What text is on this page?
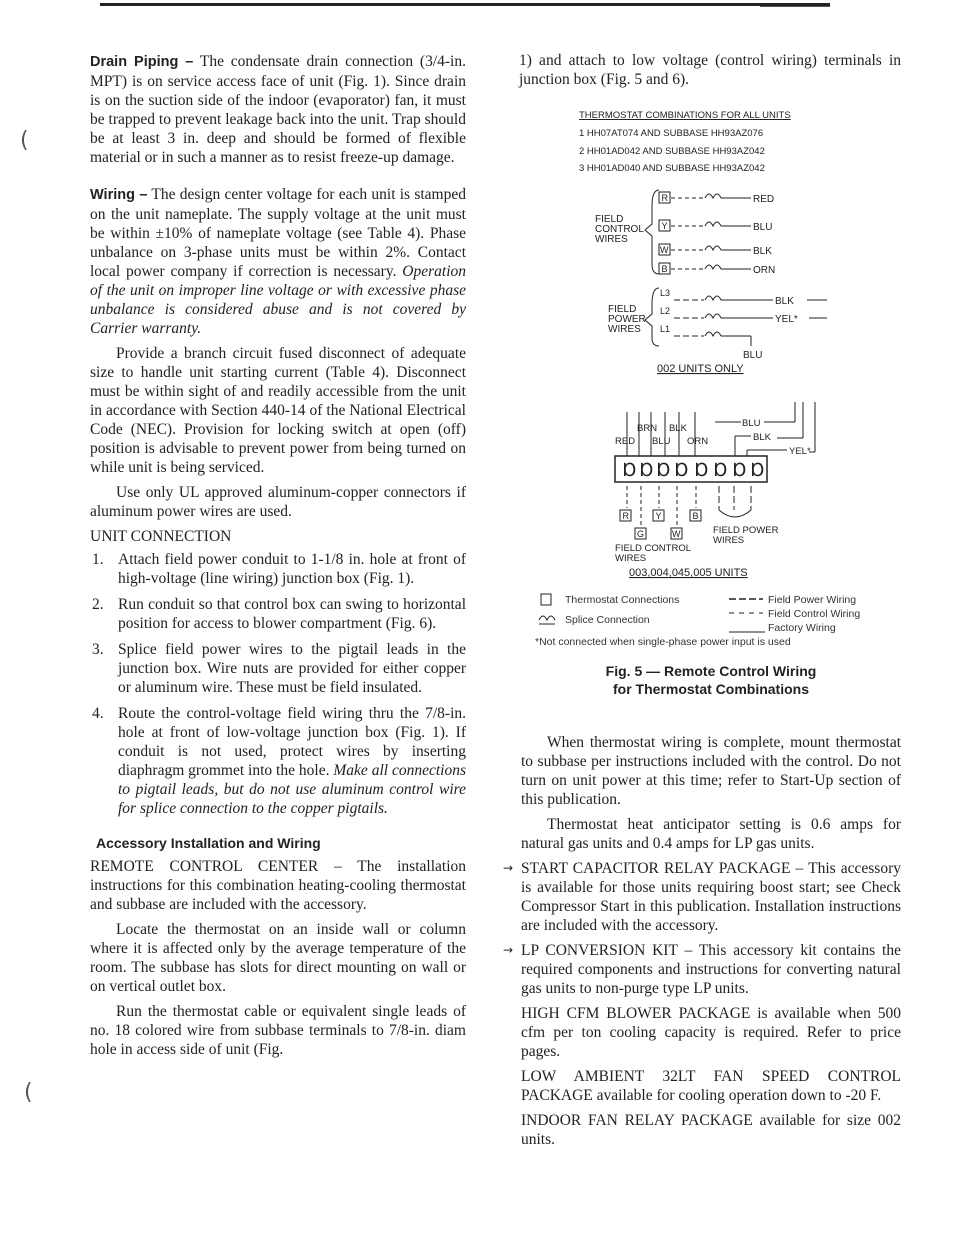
(
(

Drain Piping – The condensate drain connection (3/4-in. MPT) is on service access face of unit (Fig. 1). Since drain is on the suction side of the indoor (evaporator) fan, it must be trapped to prevent leakage back into the unit. Trap should be at least 3 in. deep and should be formed of flexible material or in such a manner as to resist freeze-up damage.

Wiring – The design center voltage for each unit is stamped on the unit nameplate. The supply voltage at the unit must be within ±10% of nameplate voltage (see Table 4). Phase unbalance on 3-phase units must be within 2%. Contact local power company if correction is necessary. Operation of the unit on improper line voltage or with excessive phase unbalance is considered abuse and is not covered by Carrier warranty.

Provide a branch circuit fused disconnect of adequate size to handle unit starting current (Table 4). Disconnect must be within sight of and readily accessible from the unit in accordance with Section 440-14 of the National Electrical Code (NEC). Provision for locking switch at open (off) position is advisable to prevent power from being turned on while unit is being serviced.

Use only UL approved aluminum-copper connectors if aluminum power wires are used.

UNIT CONNECTION

1. Attach field power conduit to 1-1/8 in. hole at front of high-voltage (line wiring) junction box (Fig. 1).
2. Run conduit so that control box can swing to horizontal position for access to blower compartment (Fig. 6).
3. Splice field power wires to the pigtail leads in the junction box. Wire nuts are provided for either copper or aluminum wire. These must be field insulated.
4. Route the control-voltage field wiring thru the 7/8-in. hole at front of low-voltage junction box (Fig. 1). If conduit is not used, protect wires by inserting diaphragm grommet into the hole. Make all connections to pigtail leads, but do not use aluminum control wire for splice connection to the copper pigtails.
Accessory Installation and Wiring

REMOTE CONTROL CENTER – The installation instructions for this combination heating-cooling thermostat and subbase are included with the accessory.

Locate the thermostat on an inside wall or column where it is affected only by the average temperature of the room. The subbase has slots for direct mounting on wall or on vertical outlet box.

Run the thermostat cable or equivalent single leads of no. 18 colored wire from subbase terminals to 7/8-in. diam hole in access side of unit (Fig.

1) and attach to low voltage (control wiring) terminals in junction box (Fig. 5 and 6).

THERMOSTAT COMBINATIONS FOR ALL UNITS
1 HH07AT074 AND SUBBASE HH93AZ076
2 HH01AD042 AND SUBBASE HH93AZ042
3 HH01AD040 AND SUBBASE HH93AZ042
FIELD
CONTROL
WIRES
R	RED
Y	BLU
W	BLK
B	ORN
FIELD
POWER
WIRES
L3
BLK
L2
YEL*
L1
BLU
002 UNITS ONLY
BRN BLK
RED BLU ORN
BLU
BLK
YEL*
Ɒ Ɒ Ɒ Ɒ Ɒ Ɒ Ɒ Ɒ
R	Y	B
G	W	FIELD POWER
WIRES
FIELD CONTROL
WIRES
003,004,045,005 UNITS
Thermostat Connections
Splice Connection
Field Power Wiring
Field Control Wiring
Factory Wiring
*Not connected when single-phase power input is used
Fig. 5 — Remote Control Wiring
for Thermostat Combinations

When thermostat wiring is complete, mount thermostat to subbase per instructions included with the control. Do not turn on unit power at this time; refer to Start-Up section of this publication.

Thermostat heat anticipator setting is 0.6 amps for natural gas units and 0.4 amps for LP gas units.

→ START CAPACITOR RELAY PACKAGE – This accessory is available for those units requiring boost start; see Check Compressor Start in this publication. Installation instructions are included with the accessory.

→ LP CONVERSION KIT – This accessory kit contains the required components and instructions for converting natural gas units to non-purge type LP units.

HIGH CFM BLOWER PACKAGE is available when 500 cfm per ton cooling capacity is required. Refer to price pages.

LOW AMBIENT 32LT FAN SPEED CONTROL PACKAGE available for cooling operation down to -20 F.

INDOOR FAN RELAY PACKAGE available for size 002 units.
